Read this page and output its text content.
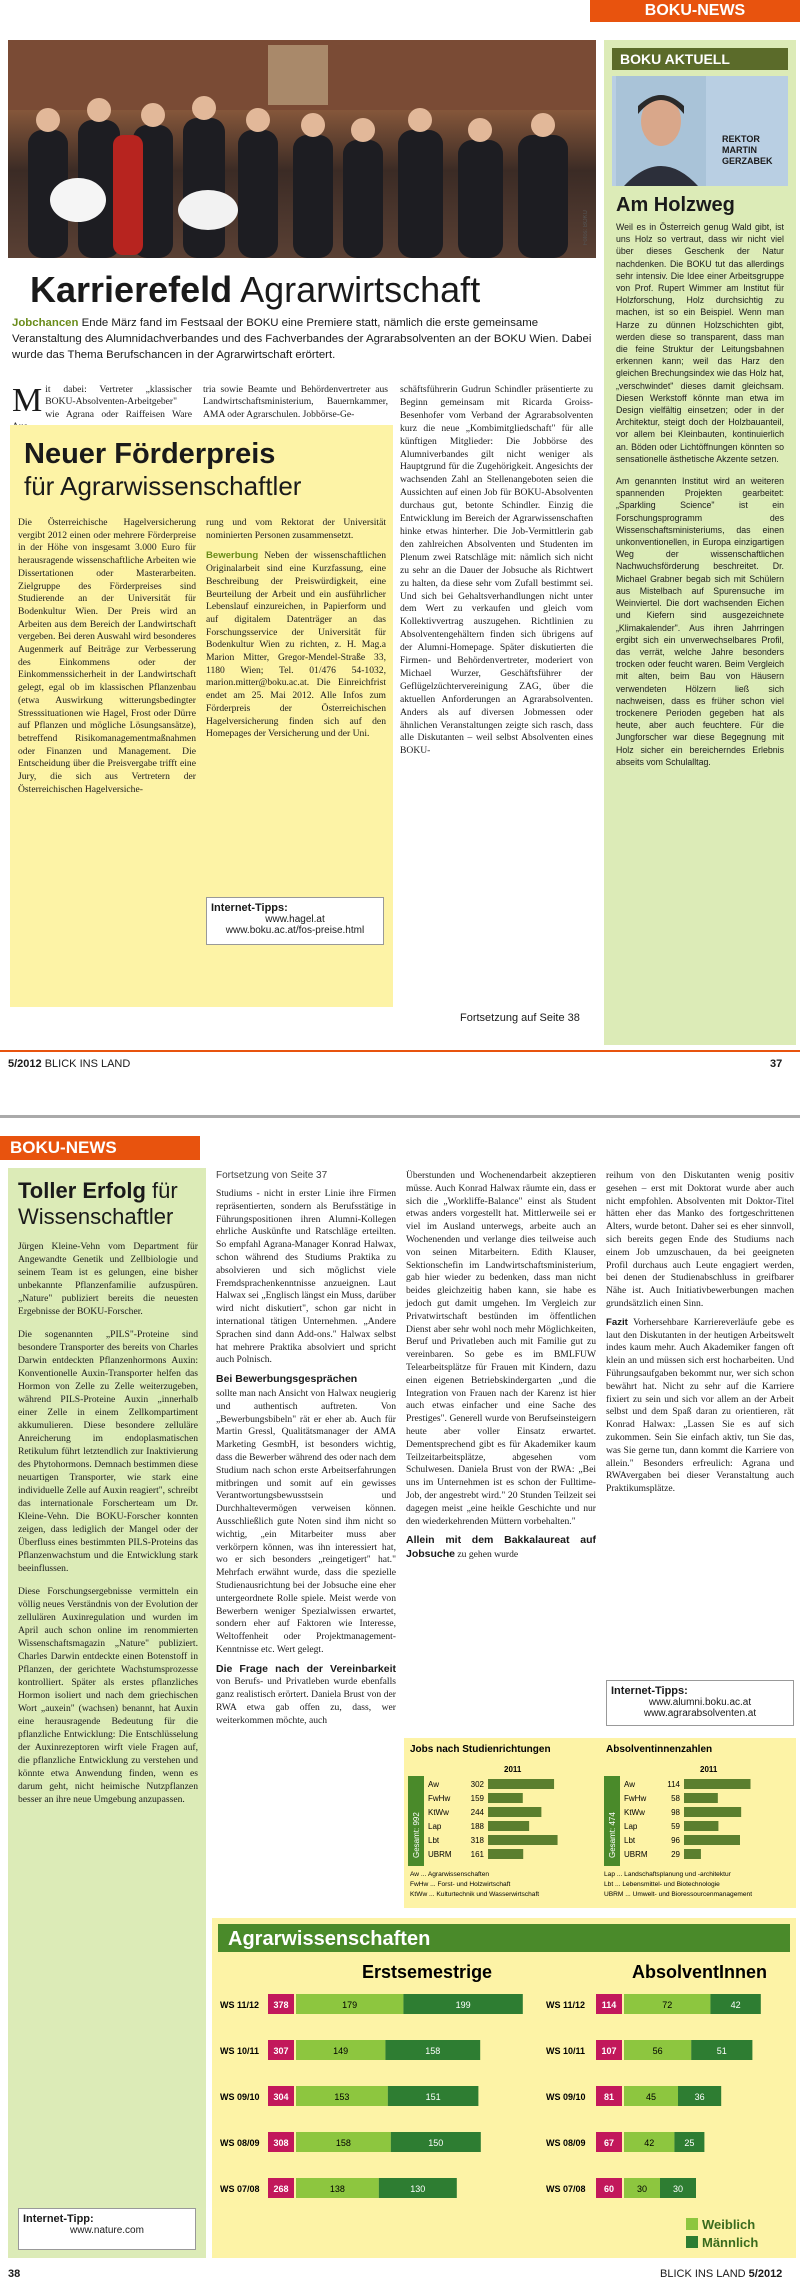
BOKU-NEWS
Fotos: BOKU
BOKU AKTUELL
REKTOR
MARTIN
GERZABEK
Am Holzweg

Weil es in Österreich genug Wald gibt, ist uns Holz so vertraut, dass wir nicht viel über dieses Geschenk der Natur nachdenken. Die BOKU tut das allerdings sehr intensiv. Die Idee einer Arbeitsgruppe von Prof. Rupert Wimmer am Institut für Holzforschung, Holz durchsichtig zu machen, ist so ein Beispiel. Wenn man Harze zu dünnen Holzschichten gibt, werden diese so transparent, dass man die feine Struktur der Leitungsbahnen erkennen kann; weil das Harz den gleichen Brechungsindex wie das Holz hat, „verschwindet" dieses damit gleichsam. Diesen Werkstoff könnte man etwa im Design vielfältig einsetzen; oder in der Architektur, steigt doch der Holzbauanteil, vor allem bei Kleinbauten, kontinuierlich an. Böden oder Lichtöffnungen könnten so sensationelle ästhetische Akzente setzen.

Am genannten Institut wird an weiteren spannenden Projekten gearbeitet: „Sparkling Science" ist ein Forschungsprogramm des Wissenschaftsministeriums, das einen unkonventionellen, in Europa einzigartigen Weg der wissenschaftlichen Nachwuchsförderung beschreitet. Dr. Michael Grabner begab sich mit Schülern aus Mistelbach auf Spurensuche im Weinviertel. Die dort wachsenden Eichen und Kiefern sind ausgezeichnete „Klimakalender". Aus ihren Jahrringen ergibt sich ein unverwechselbares Profil, das verrät, welche Jahre besonders trocken oder feucht waren. Beim Vergleich mit alten, beim Bau von Häusern verwendeten Hölzern ließ sich nachweisen, dass es früher schon viel trockenere Perioden gegeben hat als heute, aber auch feuchtere. Für die Jungforscher war diese Begegnung mit Holz sicher ein bereicherndes Erlebnis abseits vom Schulalltag.

Karrierefeld Agrarwirtschaft
Jobchancen Ende März fand im Festsaal der BOKU eine Premiere statt, nämlich die erste gemeinsame Veranstaltung des Alumnidachverbandes und des Fachverbandes der Agrarabsolventen an der BOKU Wien. Dabei wurde das Thema Berufschancen in der Agrarwirtschaft erörtert.
Mit dabei: Vertreter „klassischer BOKU-Absolventen-Arbeitgeber" wie Agrana oder Raiffeisen Ware
tria sowie Beamte und Behördenvertreter aus Landwirtschaftsministerium, Bauernkammer, AMA oder Agrarschulen. Jobbörse-Ge-
schäftsführerin Gudrun Schindler präsentierte zu Beginn gemeinsam mit Ricarda Groiss-Besenhofer vom Verband der Agrarabsolventen kurz die neue „Kombimitgliedschaft" für alle künftigen Mitglieder: Die Jobbörse des Alumniverbandes gilt nicht weniger als Hauptgrund für die Zugehörigkeit. Angesichts der wachsenden Zahl an Stellenangeboten seien die Aussichten auf einen Job für BOKU-Absolventen durchaus gut, betonte Schindler. Einzig die Entwicklung im Bereich der Agrarwissenschaften hinke etwas hinterher. Die Job-Vermittlerin gab den zahlreichen Absolventen und Studenten im Plenum zwei Ratschläge mit: nämlich sich nicht zu sehr an die Dauer der Jobsuche als Richtwert zu halten, da diese sehr vom Zufall bestimmt sei. Und sich bei Gehaltsverhandlungen nicht unter dem Wert zu verkaufen und gleich vom Kollektivvertrag auszugehen. Richtlinien zu Absolventengehältern finden sich übrigens auf der Alumni-Homepage. Später diskutierten die Firmen- und Behördenvertreter, moderiert von Michael Wurzer, Geschäftsführer der Geflügelzüchtervereinigung ZAG, über die aktuellen Anforderungen an Agrarabsolventen. Anders als auf diversen Jobmessen oder ähnlichen Veranstaltungen zeigte sich rasch, dass alle Diskutanten – weil selbst Absolventen eines BOKU-
Neuer Förderpreis
für Agrarwissenschaftler
Die Österreichische Hagelversicherung vergibt 2012 einen oder mehrere Förderpreise in der Höhe von insgesamt 3.000 Euro für herausragende wissenschaftliche Arbeiten wie Dissertationen oder Masterarbeiten. Zielgruppe des Förderpreises sind Studierende an der Universität für Bodenkultur Wien. Der Preis wird an Arbeiten aus dem Bereich der Landwirtschaft vergeben. Bei deren Auswahl wird besonderes Augenmerk auf Beiträge zur Verbesserung des Einkommens oder der Einkommenssicherheit in der Landwirtschaft gelegt, egal ob im klassischen Pflanzenbau (etwa Auswirkung witterungsbedingter Stresssituationen wie Hagel, Frost oder Dürre auf Pflanzen und mögliche Lösungsansätze), betreffend Risikomanagementmaßnahmen oder Finanzen und Management. Die Entscheidung über die Preisvergabe trifft eine Jury, die sich aus Vertretern der Österreichischen Hagelversiche-

rung und vom Rektorat der Universität nominierten Personen zusammensetzt.

Bewerbung Neben der wissenschaftlichen Originalarbeit sind eine Kurzfassung, eine Beschreibung der Preiswürdigkeit, eine Beurteilung der Arbeit und ein ausführlicher Lebenslauf einzureichen, in Papierform und auf digitalem Datenträger an das Forschungsservice der Universität für Bodenkultur Wien zu richten, z. H. Mag.a Marion Mitter, Gregor-Mendel-Straße 33, 1180 Wien; Tel. 01/476 54-1032, marion.mitter@boku.ac.at. Die Einreichfrist endet am 25. Mai 2012. Alle Infos zum Förderpreis der Österreichischen Hagelversicherung finden sich auf den Homepages der Versicherung und der Uni.

Internet-Tipps:
www.hagel.at
www.boku.ac.at/fos-preise.html
Fortsetzung auf Seite 38
5/2012 BLICK INS LAND	37
BOKU-NEWS
Toller Erfolg für
Wissenschaftler

Jürgen Kleine-Vehn vom Department für Angewandte Genetik und Zellbiologie und seinem Team ist es gelungen, eine bisher unbekannte Pflanzenfamilie aufzuspüren. „Nature" publiziert bereits die neuesten Ergebnisse der BOKU-Forscher.

Die sogenannten „PILS"-Proteine sind besondere Transporter des bereits von Charles Darwin entdeckten Pflanzenhormons Auxin: Konventionelle Auxin-Transporter helfen das Hormon von Zelle zu Zelle weiterzugeben, während PILS-Proteine Auxin „innerhalb einer Zelle in einem Zellkompartiment akkumulieren. Diese besondere zelluläre Anreicherung im endoplasmatischen Retikulum führt letztendlich zur Inaktivierung des Phytohormons. Demnach bestimmen diese neuartigen Transporter, wie stark eine individuelle Zelle auf Auxin reagiert", schreibt das internationale Forscherteam um Dr. Kleine-Vehn. Die BOKU-Forscher konnten zeigen, dass lediglich der Mangel oder der Überfluss eines bestimmten PILS-Proteins das Pflanzenwachstum und die Entwicklung stark beeinflussen.

Diese Forschungsergebnisse vermitteln ein völlig neues Verständnis von der Evolution der zellulären Auxinregulation und wurden im April auch schon online im renommierten Wissenschaftsmagazin „Nature" publiziert. Charles Darwin entdeckte einen Botenstoff in Pflanzen, der gerichtete Wachstumsprozesse kontrolliert. Später als erstes pflanzliches Hormon isoliert und nach dem griechischen Wort „auxein" (wachsen) benannt, hat Auxin eine herausragende Bedeutung für die pflanzliche Entwicklung: Die Entschlüsselung der Auxinrezeptoren wirft viele Fragen auf, die pflanzliche Entwicklung zu verstehen und könnte etwa Anwendung finden, wenn es darum geht, nicht heimische Nutzpflanzen besser an ihre neue Umgebung anzupassen.

Internet-Tipp:
www.nature.com
Fortsetzung von Seite 37

Studiums - nicht in erster Linie ihre Firmen repräsentierten, sondern als Berufsstätige in Führungspositionen ihren Alumni-Kollegen ehrliche Auskünfte und Ratschläge erteilten. So empfahl Agrana-Manager Konrad Halwax, schon während des Studiums Praktika zu absolvieren und sich möglichst viele Fremdsprachenkenntnisse anzueignen. Laut Halwax sei „Englisch längst ein Muss, darüber wird nicht diskutiert", schon gar nicht in international tätigen Unternehmen. „Andere Sprachen sind dann Add-ons." Halwax selbst hat mehrere Praktika absolviert und spricht auch Polnisch.

Bei Bewerbungsgesprächen

sollte man nach Ansicht von Halwax neugierig und authentisch auftreten. Von „Bewerbungsbibeln" rät er eher ab. Auch für Martin Gressl, Qualitätsmanager der AMA Marketing GesmbH, ist besonders wichtig, dass die Bewerber während des oder nach dem Studium nach schon erste Arbeitserfahrungen mitbringen und somit auf ein gewisses Verantwortungsbewusstsein und Durchhaltevermögen verweisen können. Ausschließlich gute Noten sind ihm nicht so wichtig, „ein Mitarbeiter muss aber verkörpern können, was ihn interessiert hat, wo er sich besonders „reingetigert" hat." Mehrfach erwähnt wurde, dass die spezielle Studienausrichtung bei der Jobsuche eine eher untergeordnete Rolle spiele. Meist werde von Bewerbern weniger Spezialwissen erwartet, sondern eher auf Faktoren wie Interesse, Weltoffenheit oder Projektmanagement-Kenntnisse etc. Wert gelegt.

Die Frage nach der Vereinbarkeit von Berufs- und Privatleben wurde ebenfalls ganz realistisch erörtert. Daniela Brust von der RWA etwa gab offen zu, dass, wer weiterkommen möchte, auch

Überstunden und Wochenendarbeit akzeptieren müsse. Auch Konrad Halwax räumte ein, dass er sich die „Workliffe-Balance" einst als Student etwas anders vorgestellt hat. Mittlerweile sei er viel im Ausland unterwegs, arbeite auch an Wochenenden und verlange dies teilweise auch von seinen Mitarbeitern. Edith Klauser, Sektionschefin im Landwirtschaftsministerium, gab hier wieder zu bedenken, dass man nicht beides gleichzeitig haben kann, sie habe es jedoch gut damit umgehen. Im Vergleich zur Privatwirtschaft bestünden im öffentlichen Dienst aber sehr wohl noch mehr Möglichkeiten, Beruf und Privatleben auch mit Familie gut zu vereinbaren. So gebe es im BMLFUW Telearbeitsplätze für Frauen mit Kindern, dazu einen eigenen Betriebskindergarten „und die Integration von Frauen nach der Karenz ist hier auch etwas einfacher und eine Sache des Prestiges". Generell wurde von Berufseinsteigern heute aber voller Einsatz erwartet. Dementsprechend gibt es für Akademiker kaum Teilzeitarbeitsplätze, abgesehen vom Schulwesen. Daniela Brust von der RWA: „Bei uns im Unternehmen ist es schon der Fulltime-Job, der angestrebt wird." 20 Stunden Teilzeit sei dagegen meist „eine heikle Geschichte und nur den wiederkehrenden Müttern vorbehalten."

Allein mit dem Bakkalaureat auf Jobsuche zu gehen wurde

reihum von den Diskutanten wenig positiv gesehen – erst mit Doktorat wurde aber auch nicht empfohlen. Absolventen mit Doktor-Titel hätten eher das Manko des fortgeschrittenen Alters, wurde betont. Daher sei es eher sinnvoll, sich bereits gegen Ende des Studiums nach einem Job umzuschauen, da bei geeigneten Profil durchaus auch Leute engagiert werden, bei denen der Studienabschluss in greifbarer Nähe ist. Auch Initiativbewerbungen machen grundsätzlich einen Sinn.

Fazit Vorhersehbare Karriereverläufe gebe es laut den Diskutanten in der heutigen Arbeitswelt indes kaum mehr. Auch Akademiker fangen oft klein an und müssen sich erst hocharbeiten. Und Führungsaufgaben bekommt nur, wer sich schon bewährt hat. Nicht zu sehr auf die Karriere fixiert zu sein und sich vor allem an der Arbeit selbst und dem Spaß daran zu orientieren, rät Konrad Halwax: „Lassen Sie es auf sich zukommen. Sein Sie einfach aktiv, tun Sie das, was Sie gerne tun, dann kommt die Karriere von allein." Besonders erfreulich: Agrana und RWAvergaben bei dieser Veranstaltung auch Praktikumsplätze.

Internet-Tipps:
www.alumni.boku.ac.at
www.agrarabsolventen.at
Jobs nach Studienrichtungen
Gesamt: 992
2011
Aw	302
FwHw	159
KtWw	244
Lap	188
Lbt	318
UBRM 161
Absolventinnenzahlen
Gesamt: 474
2011
Aw	114
FwHw	58
KtWw	98
Lap	59
Lbt	96
UBRM	29
Aw ... Agrarwissenschaften
FwHw ... Forst- und Holzwirtschaft
KtWw ... Kulturtechnik und Wasserwirtschaft
Lap ... Landschaftsplanung und -architektur
Lbt ... Lebensmittel- und Biotechnologie
UBRM ... Umwelt- und Bioressourcenmanagement
Agrarwissenschaften
Erstsemestrige	AbsolventInnen
WS 11/12 378	179	199
WS 10/11 307	149	158
WS 09/10 304	153	151
WS 08/09 308	158	150
WS 07/08 268	138	130
WS 11/12 114	72	42
WS 10/11 107	56	51
WS 09/10 81	45	36
WS 08/09 67	42	25
WS 07/08 60	30	30
Weiblich
Männlich
38	BLICK INS LAND 5/2012
